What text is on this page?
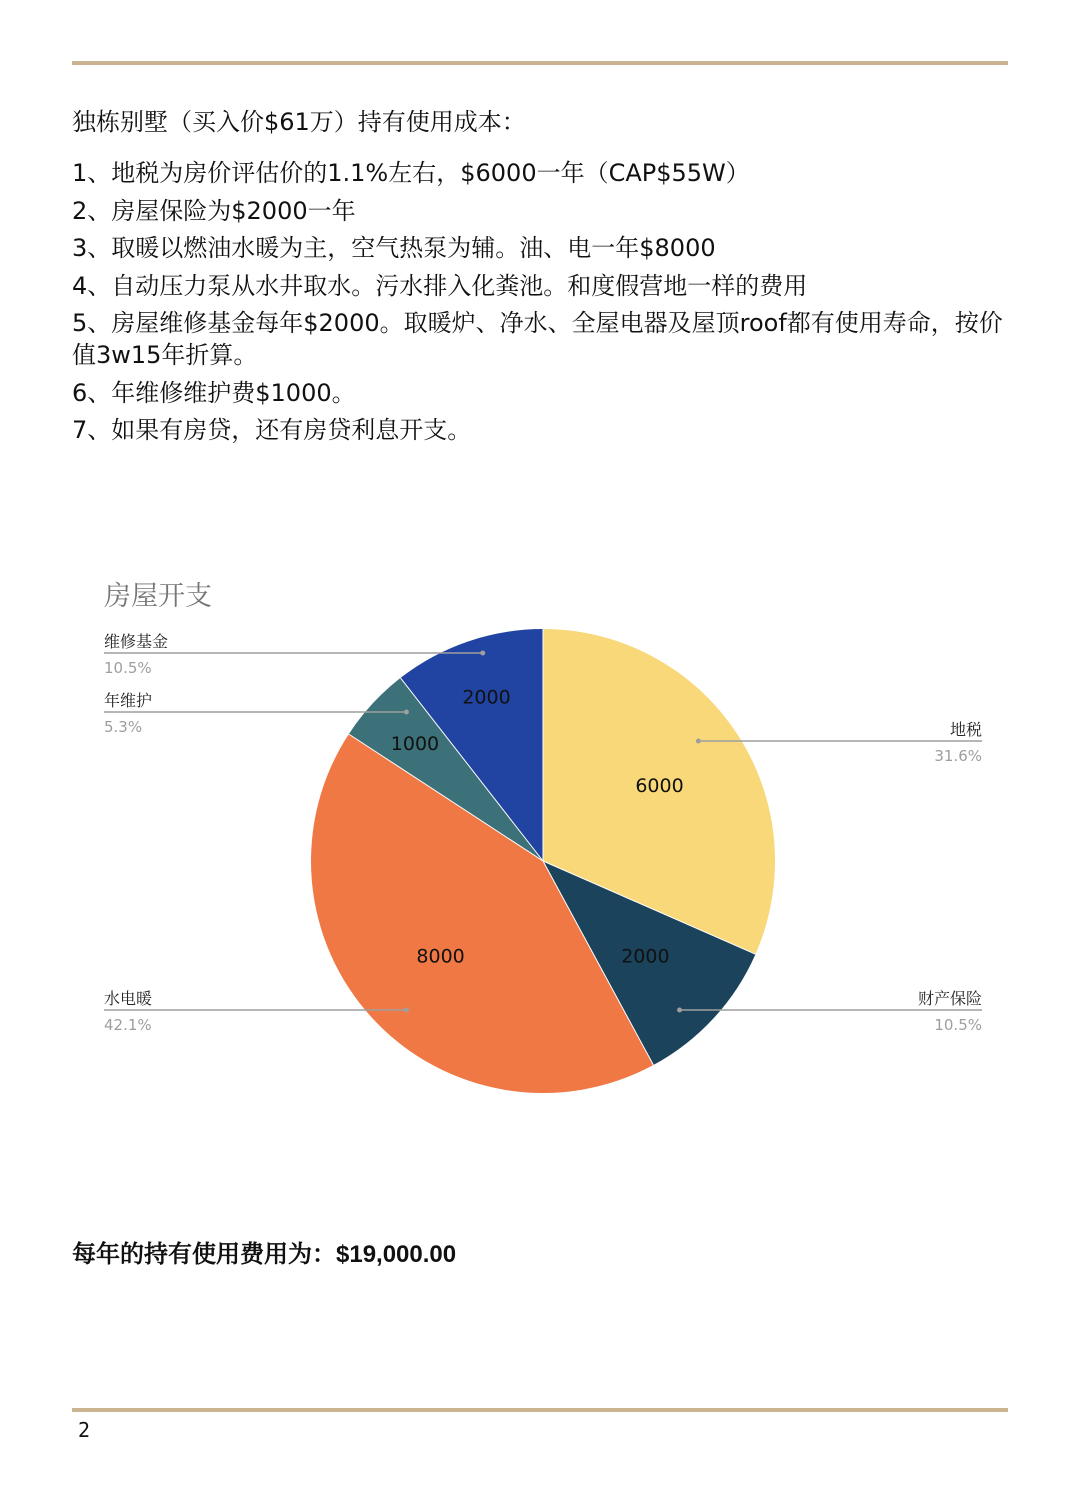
独栋别墅（买入价$61万）持有使用成本：
1、地税为房价评估价的1.1%左右，$6000一年（CAP$55W）
2、房屋保险为$2000一年
3、取暖以燃油水暖为主，空气热泵为辅。油、电一年$8000
4、自动压力泵从水井取水。污水排入化粪池。和度假营地一样的费用
5、房屋维修基金每年$2000。取暖炉、净水、全屋电器及屋顶roof都有使用寿命，按价值3w15年折算。
6、年维修维护费$1000。
7、如果有房贷，还有房贷利息开支。
房屋开支
6000
地税
31.6%
2000
财产保险
10.5%
8000
水电暖
42.1%
1000
年维护
5.3%
2000
维修基金
10.5%
每年的持有使用费用为：$19,000.00
2
